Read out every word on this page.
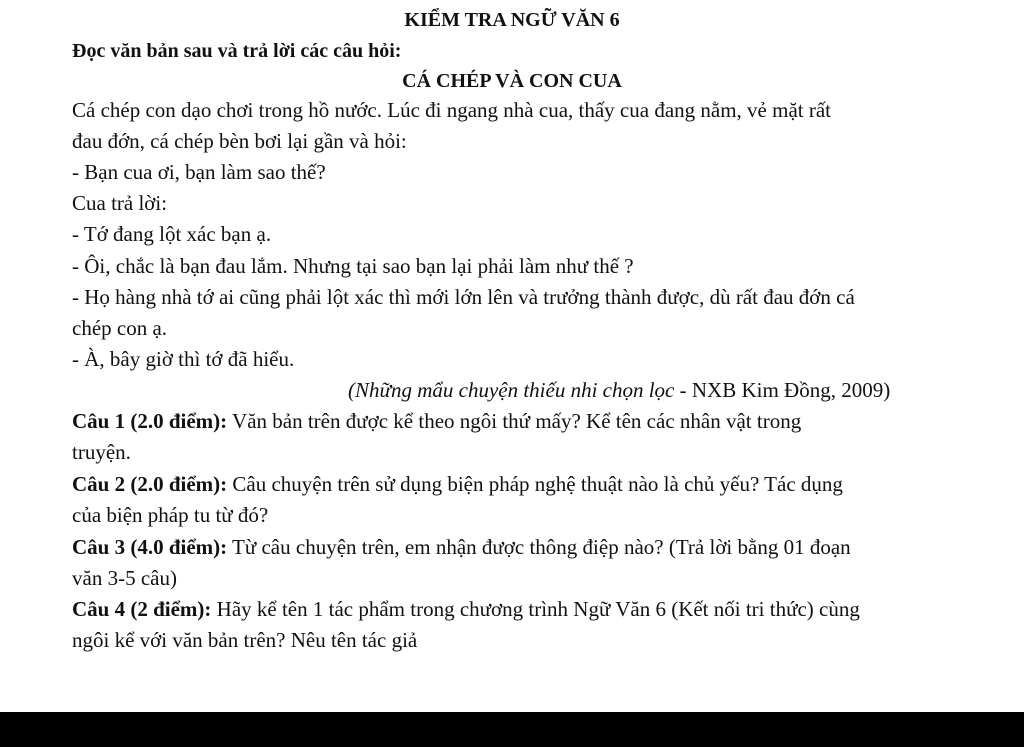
KIỂM TRA NGỮ VĂN 6
Đọc văn bản sau và trả lời các câu hỏi:
CÁ CHÉP VÀ CON CUA
Cá chép con dạo chơi trong hồ nước. Lúc đi ngang nhà cua, thấy cua đang nằm, vẻ mặt rất
đau đớn, cá chép bèn bơi lại gần và hỏi:
- Bạn cua ơi, bạn làm sao thế?
Cua trả lời:
- Tớ đang lột xác bạn ạ.
- Ôi, chắc là bạn đau lắm. Nhưng tại sao bạn lại phải làm như thế ?
- Họ hàng nhà tớ ai cũng phải lột xác thì mới lớn lên và trưởng thành được, dù rất đau đớn cá
chép con ạ.
- À, bây giờ thì tớ đã hiểu.
(Những mẩu chuyện thiếu nhi chọn lọc - NXB Kim Đồng, 2009)
Câu 1 (2.0 điểm): Văn bản trên được kể theo ngôi thứ mấy? Kể tên các nhân vật trong
truyện.
Câu 2 (2.0 điểm): Câu chuyện trên sử dụng biện pháp nghệ thuật nào là chủ yếu? Tác dụng
của biện pháp tu từ đó?
Câu 3 (4.0 điểm): Từ câu chuyện trên, em nhận được thông điệp nào? (Trả lời bằng 01 đoạn
văn 3-5 câu)
Câu 4 (2 điểm): Hãy kể tên 1 tác phẩm trong chương trình Ngữ Văn 6 (Kết nối tri thức) cùng
ngôi kể với văn bản trên? Nêu tên tác giả
